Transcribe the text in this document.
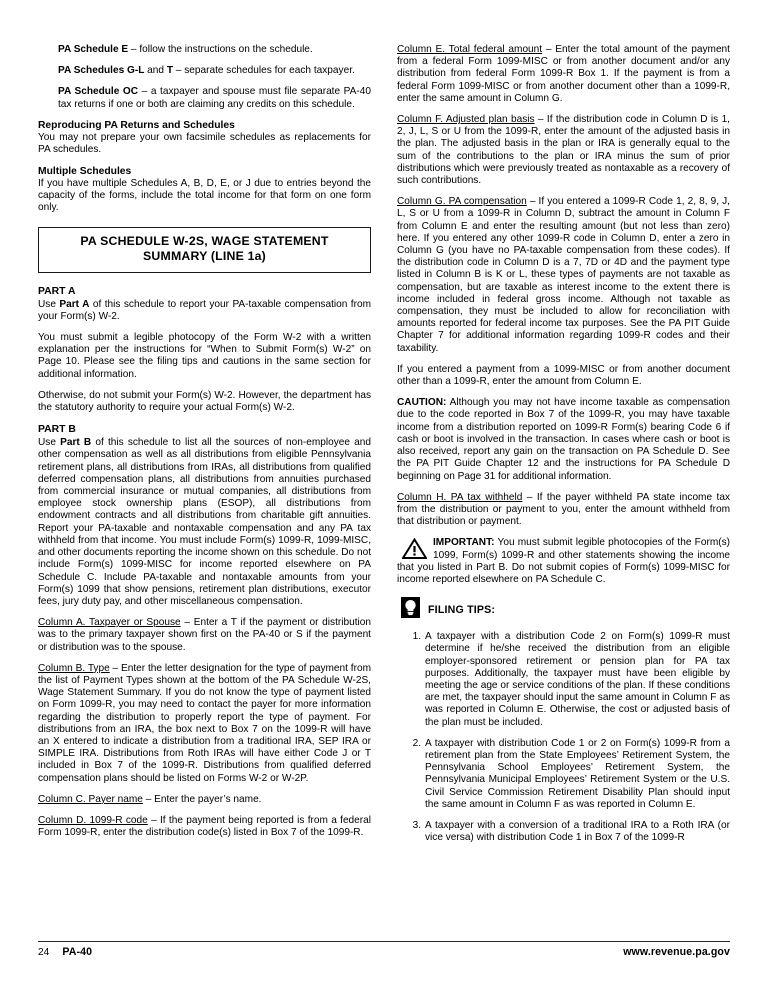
PA Schedule E – follow the instructions on the schedule.

PA Schedules G-L and T – separate schedules for each taxpayer.

PA Schedule OC – a taxpayer and spouse must file separate PA-40 tax returns if one or both are claiming any credits on this schedule.

Reproducing PA Returns and Schedules

You may not prepare your own facsimile schedules as replacements for PA schedules.

Multiple Schedules

If you have multiple Schedules A, B, D, E, or J due to entries beyond the capacity of the forms, include the total income for that form on one form only.

PA SCHEDULE W-2S, WAGE STATEMENT
SUMMARY (LINE 1a)
PART A

Use Part A of this schedule to report your PA-taxable compensation from your Form(s) W-2.

You must submit a legible photocopy of the Form W-2 with a written explanation per the instructions for “When to Submit Form(s) W-2” on Page 10. Please see the filing tips and cautions in the same section for additional information.

Otherwise, do not submit your Form(s) W-2. However, the department has the statutory authority to require your actual Form(s) W-2.

PART B

Use Part B of this schedule to list all the sources of non-employee and other compensation as well as all distributions from eligible Pennsylvania retirement plans, all distributions from IRAs, all distributions from qualified deferred compensation plans, all distributions from annuities purchased from commercial insurance or mutual companies, all distributions from employee stock ownership plans (ESOP), all distributions from endowment contracts and all distributions from charitable gift annuities. Report your PA-taxable and nontaxable compensation and any PA tax withheld from that income. You must include Form(s) 1099-R, 1099-MISC, and other documents reporting the income shown on this schedule. Do not include Form(s) 1099-MISC for income reported elsewhere on PA Schedule C. Include PA-taxable and nontaxable amounts from your Form(s) 1099 that show pensions, retirement plan distributions, executor fees, jury duty pay, and other miscellaneous compensation.

Column A. Taxpayer or Spouse – Enter a T if the payment or distribution was to the primary taxpayer shown first on the PA-40 or S if the payment or distribution was to the spouse.

Column B. Type – Enter the letter designation for the type of payment from the list of Payment Types shown at the bottom of the PA Schedule W-2S, Wage Statement Summary. If you do not know the type of payment listed on Form 1099-R, you may need to contact the payer for more information regarding the distribution to properly report the type of payment. For distributions from an IRA, the box next to Box 7 on the 1099-R will have an X entered to indicate a distribution from a traditional IRA, SEP IRA or SIMPLE IRA. Distributions from Roth IRAs will have either Code J or T included in Box 7 of the 1099-R. Distributions from qualified deferred compensation plans should be listed on Forms W-2 or W-2P.

Column C. Payer name – Enter the payer’s name.

Column D. 1099-R code – If the payment being reported is from a federal Form 1099-R, enter the distribution code(s) listed in Box 7 of the 1099-R.

Column E. Total federal amount – Enter the total amount of the payment from a federal Form 1099-MISC or from another document and/or any distribution from federal Form 1099-R Box 1. If the payment is from a federal Form 1099-MISC or from another document other than a 1099-R, enter the same amount in Column G.

Column F. Adjusted plan basis – If the distribution code in Column D is 1, 2, J, L, S or U from the 1099-R, enter the amount of the adjusted basis in the plan. The adjusted basis in the plan or IRA is generally equal to the sum of the contributions to the plan or IRA minus the sum of prior distributions which were previously treated as nontaxable as a recovery of such contributions.

Column G. PA compensation – If you entered a 1099-R Code 1, 2, 8, 9, J, L, S or U from a 1099-R in Column D, subtract the amount in Column F from Column E and enter the resulting amount (but not less than zero) here. If you entered any other 1099-R code in Column D, enter a zero in Column G (you have no PA-taxable compensation from these codes). If the distribution code in Column D is a 7, 7D or 4D and the payment type listed in Column B is K or L, these types of payments are not taxable as compensation, but are taxable as interest income to the extent there is income included in federal gross income. Although not taxable as compensation, they must be included to allow for reconciliation with amounts reported for federal income tax purposes. See the PA PIT Guide Chapter 7 for additional information regarding 1099-R codes and their taxability.

If you entered a payment from a 1099-MISC or from another document other than a 1099-R, enter the amount from Column E.

CAUTION: Although you may not have income taxable as compensation due to the code reported in Box 7 of the 1099-R, you may have taxable income from a distribution reported on 1099-R Form(s) bearing Code 6 if cash or boot is involved in the transaction. In cases where cash or boot is also received, report any gain on the transaction on PA Schedule D. See the PA PIT Guide Chapter 12 and the instructions for PA Schedule D beginning on Page 31 for additional information.

Column H. PA tax withheld – If the payer withheld PA state income tax from the distribution or payment to you, enter the amount withheld from that distribution or payment.

IMPORTANT: You must submit legible photocopies of the Form(s) 1099, Form(s) 1099-R and other statements showing the income that you listed in Part B. Do not submit copies of Form(s) 1099-MISC for income reported elsewhere on PA Schedule C.

FILING TIPS:
A taxpayer with a distribution Code 2 on Form(s) 1099-R must determine if he/she received the distribution from an eligible employer-sponsored retirement or pension plan for PA tax purposes. Additionally, the taxpayer must have been eligible by meeting the age or service conditions of the plan. If these conditions are met, the taxpayer should input the same amount in Column F as was reported in Column E. Otherwise, the cost or adjusted basis of the plan must be included.
A taxpayer with distribution Code 1 or 2 on Form(s) 1099-R from a retirement plan from the State Employees’ Retirement System, the Pennsylvania School Employees’ Retirement System, the Pennsylvania Municipal Employees’ Retirement System or the U.S. Civil Service Commission Retirement Disability Plan should input the same amount in Column F as was reported in Column E.
A taxpayer with a conversion of a traditional IRA to a Roth IRA (or vice versa) with distribution Code 1 in Box 7 of the 1099-R
24 PA-40	www.revenue.pa.gov
